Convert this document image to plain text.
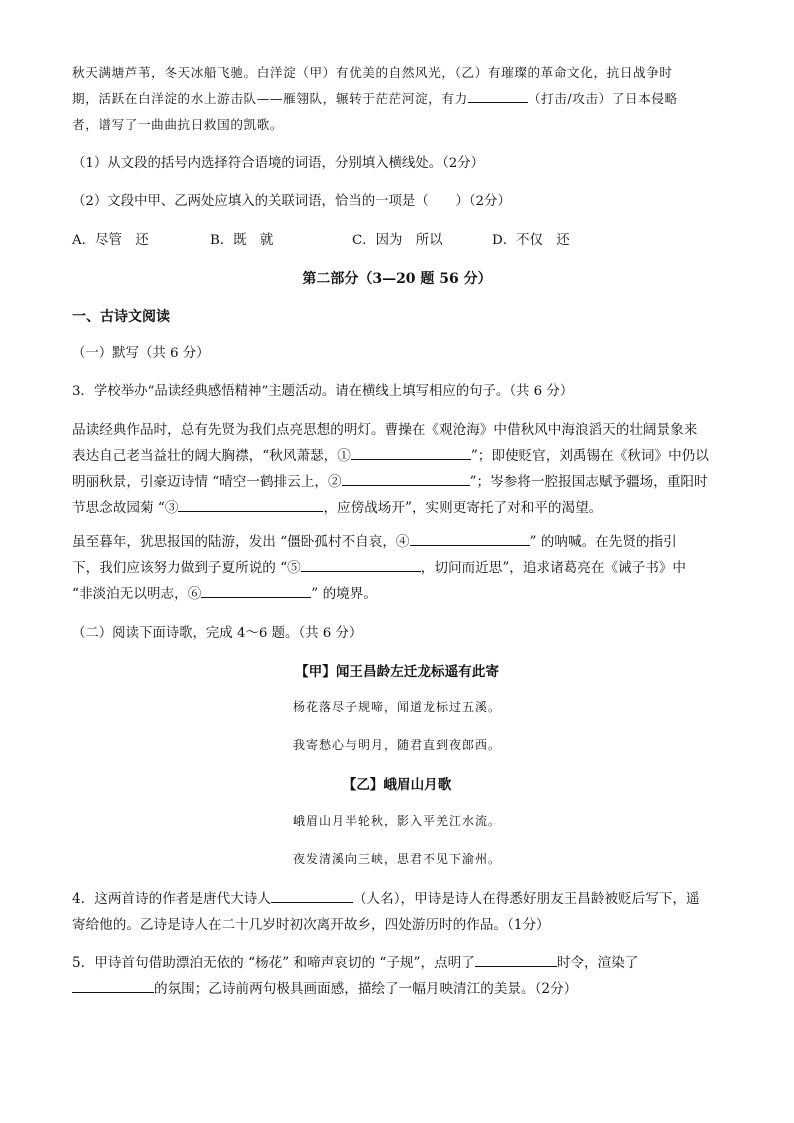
秋天满塘芦苇，冬天冰船飞驰。白洋淀（甲）有优美的自然风光，（乙）有璀璨的革命文化，抗日战争时
期，活跃在白洋淀的水上游击队——雁翎队，辗转于茫茫河淀，有力	（打击/攻击）了日本侵略
者，谱写了一曲曲抗日救国的凯歌。

（1）从文段的括号内选择符合语境的词语，分别填入横线处。（2分）

（2）文段中甲、乙两处应填入的关联词语，恰当的一项是（　　）（2分）

A．尽管　还	B．既　就	C．因为　所以	D．不仅　还
第二部分（3—20 题 56 分）
一、古诗文阅读

（一）默写（共 6 分）

3．学校举办“品读经典感悟精神”主题活动。请在横线上填写相应的句子。（共 6 分）

品读经典作品时，总有先贤为我们点亮思想的明灯。曹操在《观沧海》中借秋风中海浪滔天的壮阔景象来
表达自己老当益壮的阔大胸襟，“秋风萧瑟，①	”；即使贬官，刘禹锡在《秋词》中仍以
明丽秋景，引豪迈诗情 “晴空一鹤排云上，②	”；岑参将一腔报国志赋予疆场，重阳时
节思念故园菊 “③	，应傍战场开”，实则更寄托了对和平的渴望。
虽至暮年，犹思报国的陆游，发出 “僵卧孤村不自哀，④	” 的呐喊。在先贤的指引
下，我们应该努力做到子夏所说的 “⑤	，切问而近思”，追求诸葛亮在《诫子书》中
“非淡泊无以明志，⑥	” 的境界。

（二）阅读下面诗歌，完成 4～6 题。（共 6 分）

【甲】闻王昌龄左迁龙标遥有此寄
杨花落尽子规啼，闻道龙标过五溪。
我寄愁心与明月，随君直到夜郎西。
【乙】峨眉山月歌
峨眉山月半轮秋，影入平羌江水流。
夜发清溪向三峡，思君不见下渝州。
4．这两首诗的作者是唐代大诗人	（人名），甲诗是诗人在得悉好朋友王昌龄被贬后写下，遥
寄给他的。乙诗是诗人在二十几岁时初次离开故乡，四处游历时的作品。（1分）
5．甲诗首句借助漂泊无依的 “杨花” 和啼声哀切的 “子规”，点明了	时令，渲染了
的氛围；乙诗前两句极具画面感，描绘了一幅月映清江的美景。（2分）
